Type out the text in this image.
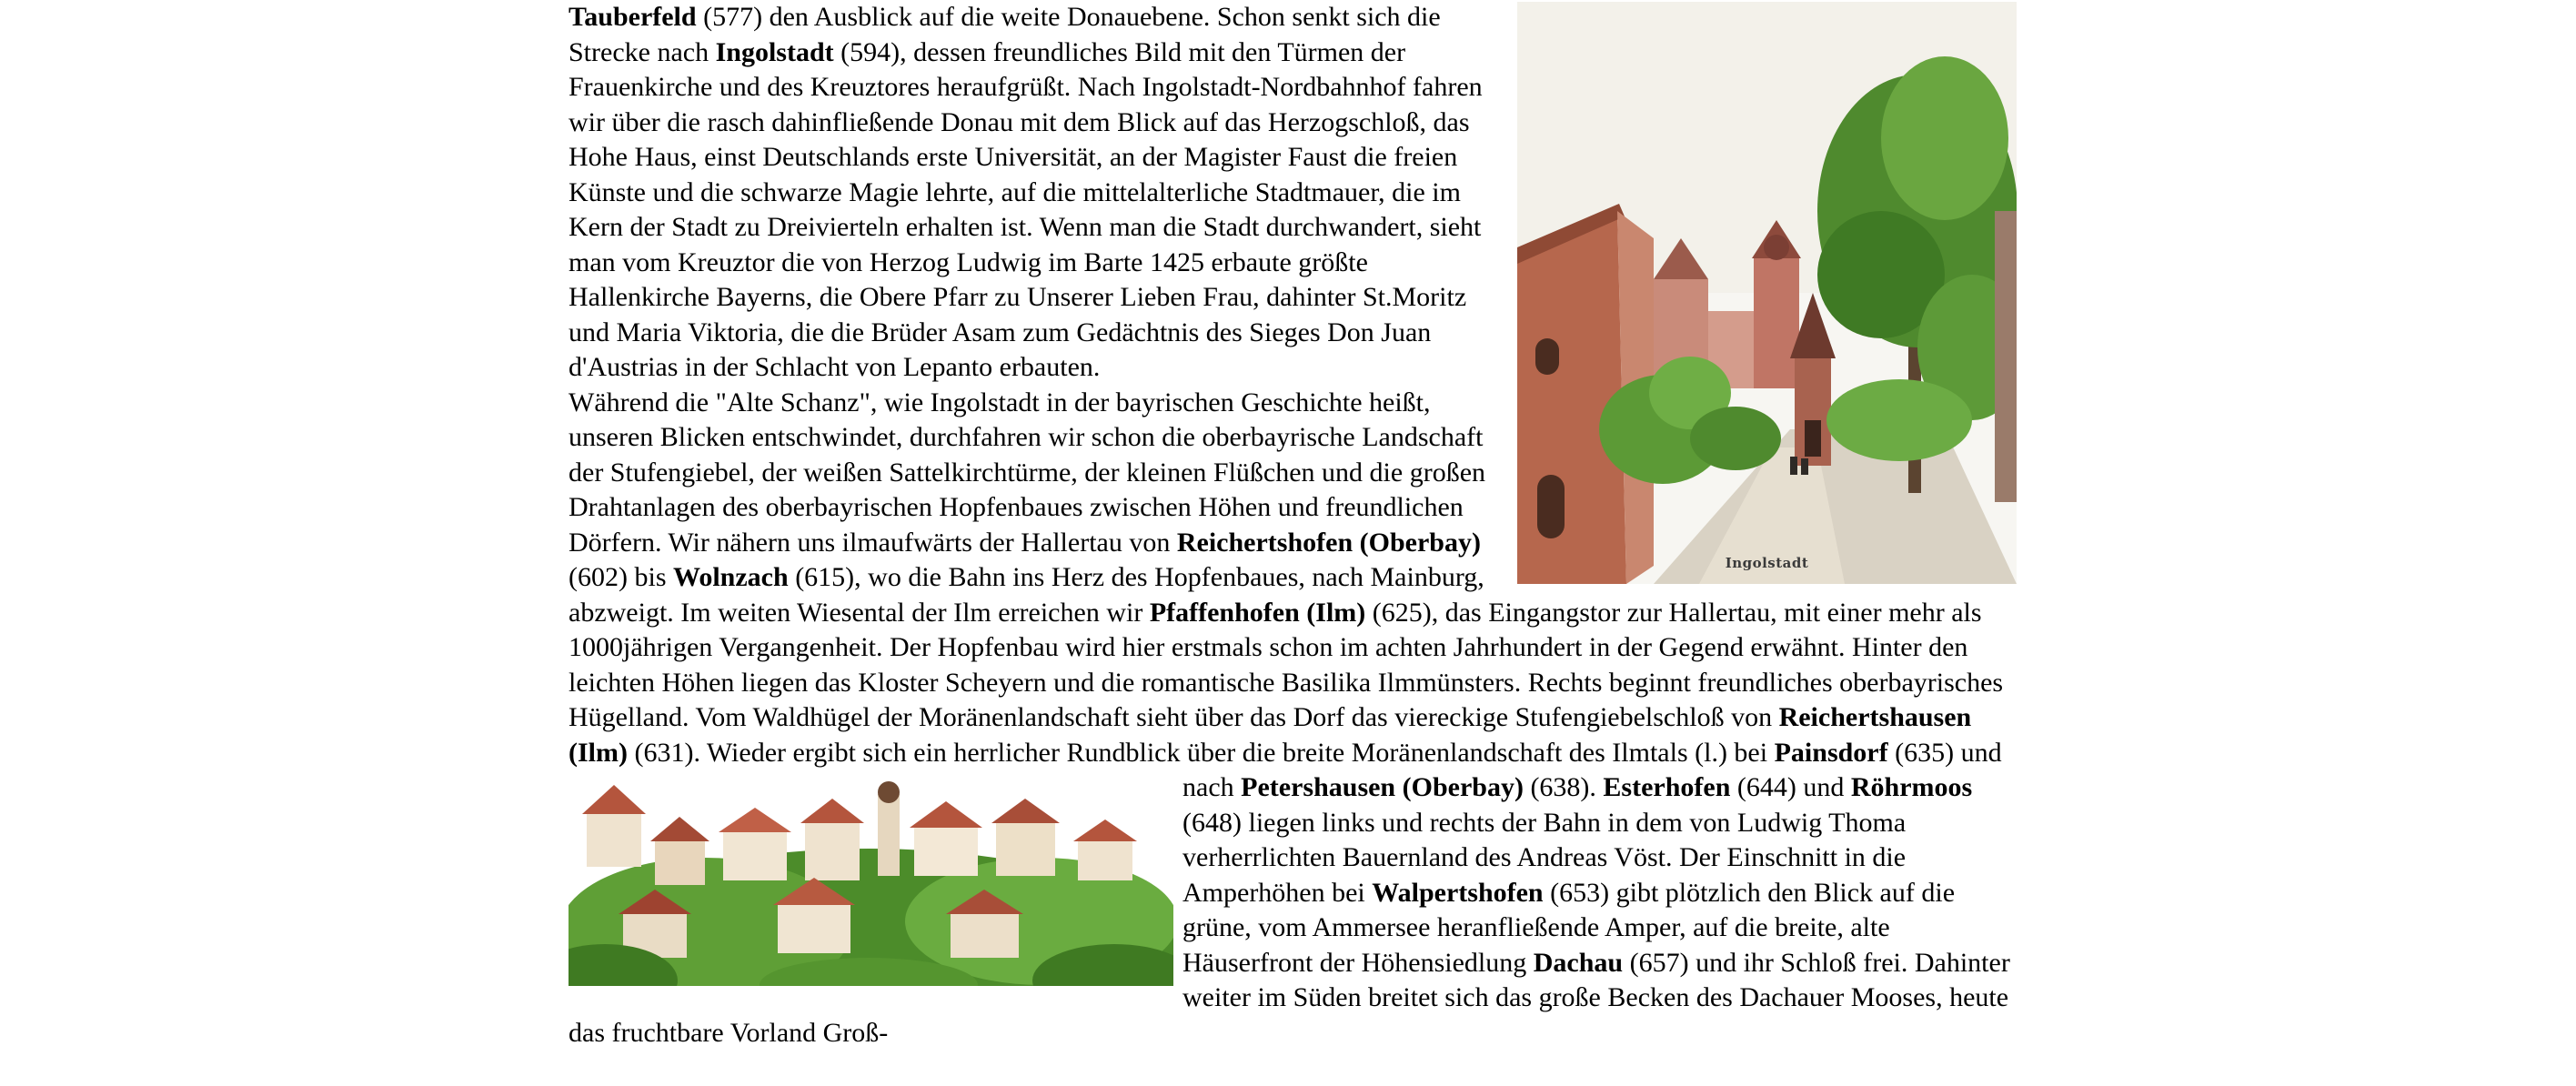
Ingolstadt

Tauberfeld (577) den Ausblick auf die weite Donauebene. Schon senkt sich die Strecke nach Ingolstadt (594), dessen freundliches Bild mit den Türmen der Frauenkirche und des Kreuztores heraufgrüßt. Nach Ingolstadt-Nordbahnhof fahren wir über die rasch dahinfließende Donau mit dem Blick auf das Herzogschloß, das Hohe Haus, einst Deutschlands erste Universität, an der Magister Faust die freien Künste und die schwarze Magie lehrte, auf die mittelalterliche Stadtmauer, die im Kern der Stadt zu Dreivierteln erhalten ist. Wenn man die Stadt durchwandert, sieht man vom Kreuztor die von Herzog Ludwig im Barte 1425 erbaute größte Hallenkirche Bayerns, die Obere Pfarr zu Unserer Lieben Frau, dahinter St.Moritz und Maria Viktoria, die die Brüder Asam zum Gedächtnis des Sieges Don Juan d'Austrias in der Schlacht von Lepanto erbauten.

Während die "Alte Schanz", wie Ingolstadt in der bayrischen Geschichte heißt, unseren Blicken entschwindet, durchfahren wir schon die oberbayrische Landschaft der Stufengiebel, der weißen Sattelkirchtürme, der kleinen Flüßchen und die großen Drahtanlagen des oberbayrischen Hopfenbaues zwischen Höhen und freundlichen Dörfern. Wir nähern uns ilmaufwärts der Hallertau von Reichertshofen (Oberbay) (602) bis Wolnzach (615), wo die Bahn ins Herz des Hopfenbaues, nach Mainburg, abzweigt. Im weiten Wiesental der Ilm erreichen wir Pfaffenhofen (Ilm) (625), das Eingangstor zur Hallertau, mit einer mehr als 1000jährigen Vergangenheit. Der Hopfenbau wird hier erstmals schon im achten Jahrhundert in der Gegend erwähnt. Hinter den leichten Höhen liegen das Kloster Scheyern und die romantische Basilika Ilmmünsters. Rechts beginnt freundliches oberbayrisches Hügelland. Vom Waldhügel der Moränenlandschaft sieht über das Dorf das viereckige Stufengiebelschloß von Reichertshausen (Ilm) (631). Wieder ergibt sich ein herrlicher Rundblick über die breite Moränenlandschaft des Ilmtals (l.) bei Painsdorf (635) und nach Petershausen (Oberbay) (638). Esterhofen (644) und Röhrmoos
(648) liegen links und rechts der Bahn in dem von Ludwig Thoma verherrlichten Bauernland des Andreas Vöst. Der Einschnitt in die Amperhöhen bei Walpertshofen (653) gibt plötzlich den Blick auf die grüne, vom Ammersee heranfließende Amper, auf die breite, alte Häuserfront der Höhensiedlung Dachau (657) und ihr Schloß frei. Dahinter weiter im Süden breitet sich das große Becken des Dachauer Mooses, heute das fruchtbare Vorland Groß-
